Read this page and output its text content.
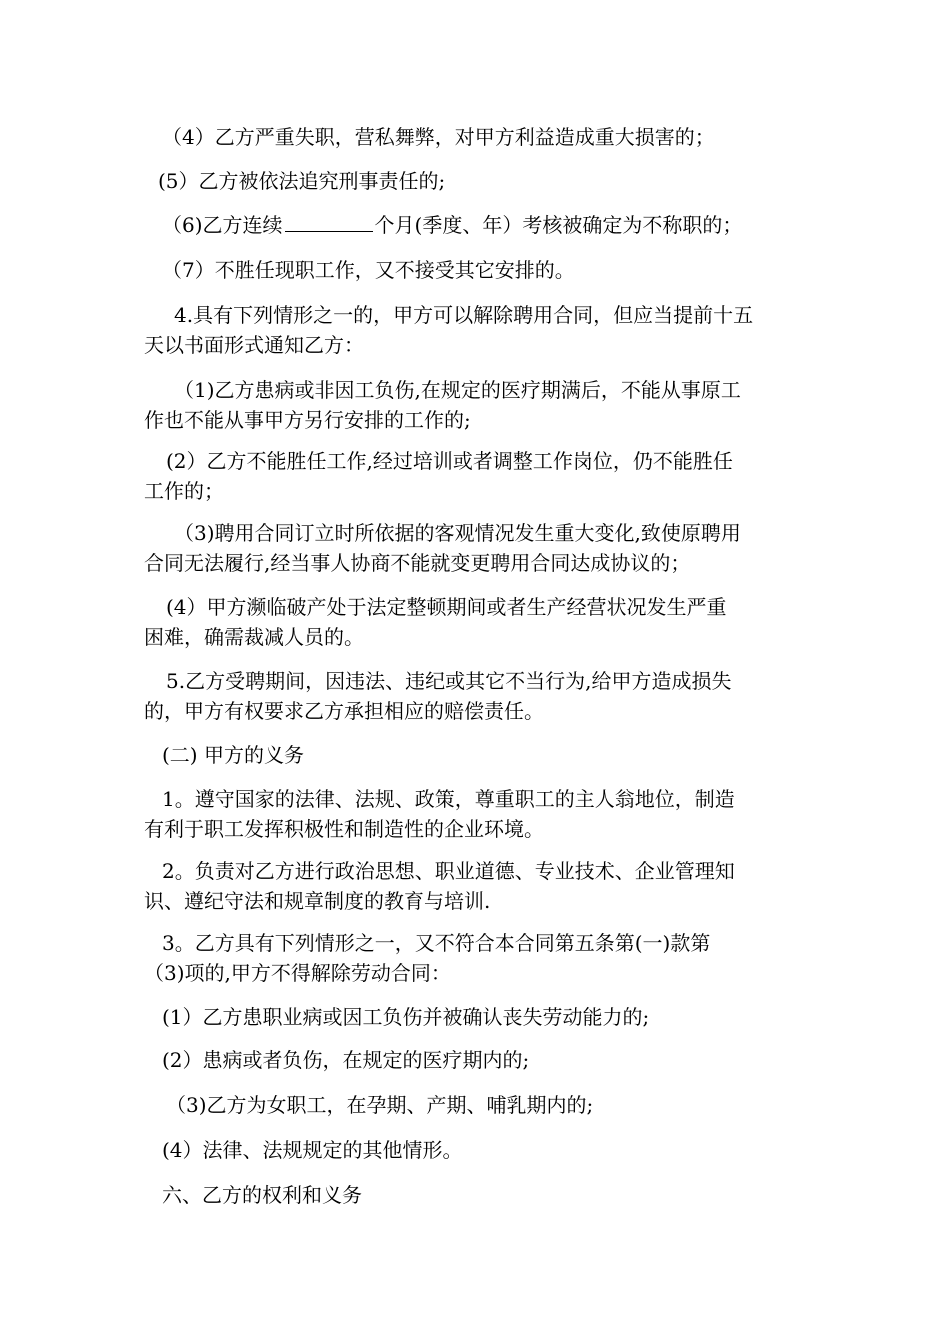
（4）乙方严重失职，营私舞弊，对甲方利益造成重大损害的；

(5）乙方被依法追究刑事责任的;

（6)乙方连续	个月(季度、年）考核被确定为不称职的；

（7）不胜任现职工作，又不接受其它安排的。

4.具有下列情形之一的，甲方可以解除聘用合同，但应当提前十五

天以书面形式通知乙方：

（1)乙方患病或非因工负伤,在规定的医疗期满后，不能从事原工

作也不能从事甲方另行安排的工作的;

(2）乙方不能胜任工作,经过培训或者调整工作岗位，仍不能胜任

工作的；

（3)聘用合同订立时所依据的客观情况发生重大变化,致使原聘用

合同无法履行,经当事人协商不能就变更聘用合同达成协议的；

(4）甲方濒临破产处于法定整顿期间或者生产经营状况发生严重

困难，确需裁减人员的。

5.乙方受聘期间，因违法、违纪或其它不当行为,给甲方造成损失

的，甲方有权要求乙方承担相应的赔偿责任。

(二) 甲方的义务

1。遵守国家的法律、法规、政策，尊重职工的主人翁地位，制造

有利于职工发挥积极性和制造性的企业环境。

2。负责对乙方进行政治思想、职业道德、专业技术、企业管理知

识、遵纪守法和规章制度的教育与培训.

3。乙方具有下列情形之一，又不符合本合同第五条第(一)款第

（3)项的,甲方不得解除劳动合同：

(1）乙方患职业病或因工负伤并被确认丧失劳动能力的;

(2）患病或者负伤，在规定的医疗期内的;

（3)乙方为女职工，在孕期、产期、哺乳期内的;

(4）法律、法规规定的其他情形。

六、乙方的权利和义务
